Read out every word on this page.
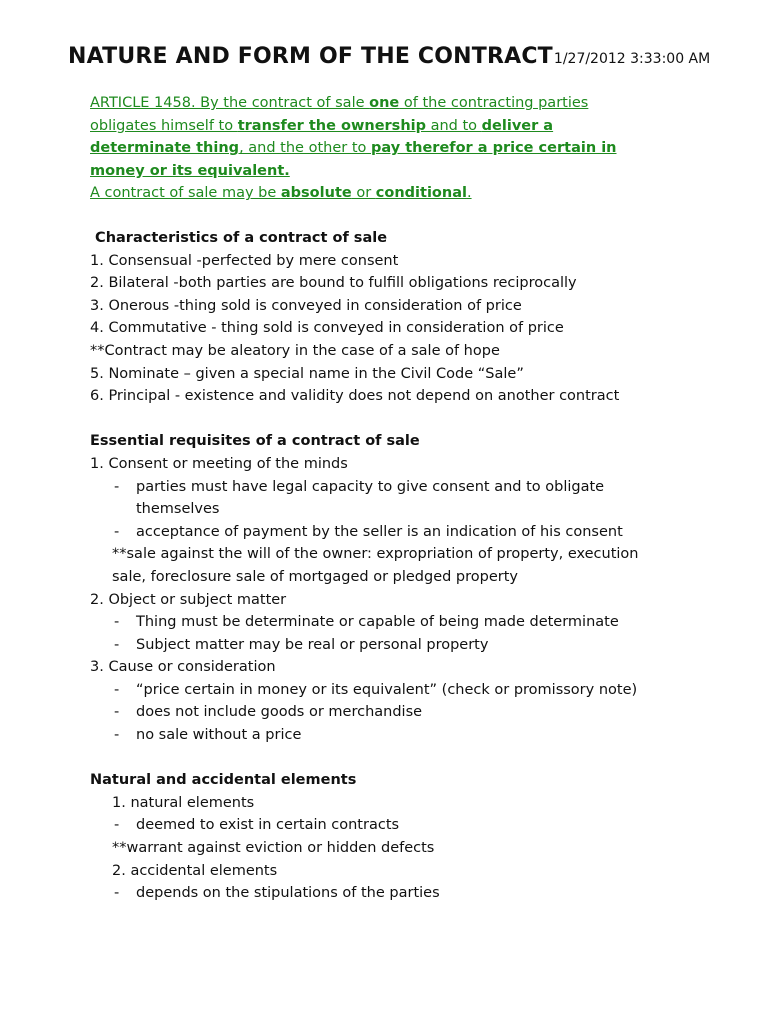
NATURE AND FORM OF THE CONTRACT1/27/2012 3:33:00 AM
ARTICLE 1458. By the contract of sale one of the contracting parties
obligates himself to transfer the ownership and to deliver a
determinate thing, and the other to pay therefor a price certain in
money or its equivalent.
A contract of sale may be absolute or conditional.
Characteristics of a contract of sale
1. Consensual -perfected by mere consent
2. Bilateral -both parties are bound to fulfill obligations reciprocally
3. Onerous -thing sold is conveyed in consideration of price
4. Commutative - thing sold is conveyed in consideration of price
**Contract may be aleatory in the case of a sale of hope
5. Nominate – given a special name in the Civil Code “Sale”
6. Principal - existence and validity does not depend on another contract
Essential requisites of a contract of sale
1. Consent or meeting of the minds
- parties must have legal capacity to give consent and to obligate
themselves
- acceptance of payment by the seller is an indication of his consent
**sale against the will of the owner: expropriation of property, execution
sale, foreclosure sale of mortgaged or pledged property
2. Object or subject matter
- Thing must be determinate or capable of being made determinate
- Subject matter may be real or personal property
3. Cause or consideration
- “price certain in money or its equivalent” (check or promissory note)
- does not include goods or merchandise
- no sale without a price
Natural and accidental elements
1. natural elements
- deemed to exist in certain contracts
**warrant against eviction or hidden defects
2. accidental elements
- depends on the stipulations of the parties
